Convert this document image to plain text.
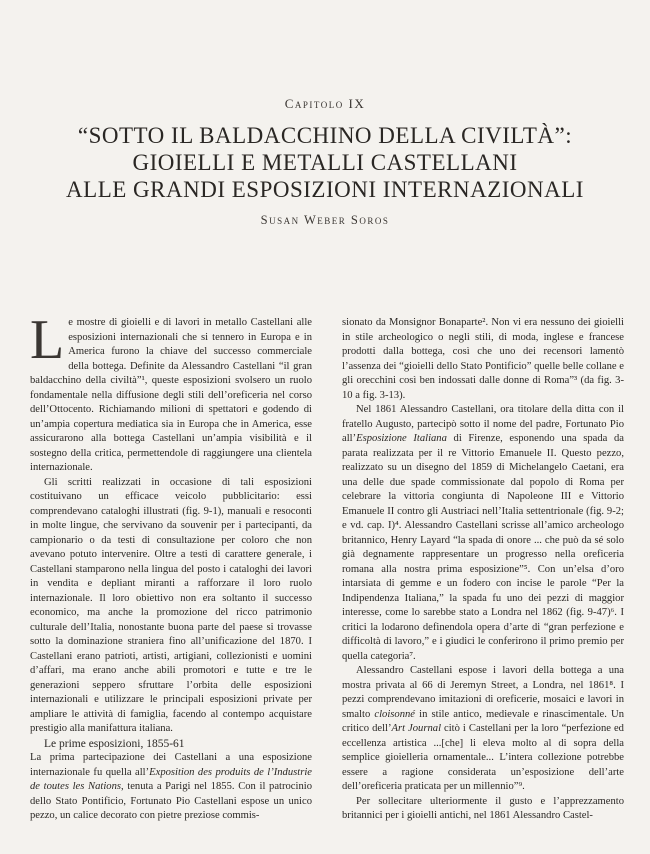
Capitolo IX
“SOTTO IL BALDACCHINO DELLA CIVILTÀ”:
GIOIELLI E METALLI CASTELLANI
ALLE GRANDI ESPOSIZIONI INTERNAZIONALI
Susan Weber Soros

Le mostre di gioielli e di lavori in metallo Castellani alle esposizioni internazionali che si tennero in Europa e in America furono la chiave del successo commerciale della bottega. Definite da Alessandro Castellani “il gran baldacchino della civiltà”¹, queste esposizioni svolsero un ruolo fondamentale nella diffusione degli stili dell’oreficeria nel corso dell’Ottocento. Richiamando milioni di spettatori e godendo di un’ampia copertura mediatica sia in Europa che in America, esse assicurarono alla bottega Castellani un’ampia visibilità e il sostegno della critica, permettendole di raggiungere una clientela internazionale.

Gli scritti realizzati in occasione di tali esposizioni costituivano un efficace veicolo pubblicitario: essi comprendevano cataloghi illustrati (fig. 9-1), manuali e resoconti in molte lingue, che servivano da souvenir per i partecipanti, da campionario o da testi di consultazione per coloro che non avevano potuto intervenire. Oltre a testi di carattere generale, i Castellani stamparono nella lingua del posto i cataloghi dei lavori in vendita e depliant miranti a rafforzare il loro ruolo internazionale. Il loro obiettivo non era soltanto il successo economico, ma anche la promozione del ricco patrimonio culturale dell’Italia, nonostante buona parte del paese si trovasse sotto la dominazione straniera fino all’unificazione del 1870. I Castellani erano patrioti, artisti, artigiani, collezionisti e uomini d’affari, ma erano anche abili promotori e tutte e tre le generazioni seppero sfruttare l’orbita delle esposizioni internazionali e utilizzare le principali esposizioni private per ampliare le attività di famiglia, facendo al contempo acquistare prestigio alla manifattura italiana.

Le prime esposizioni, 1855-61

La prima partecipazione dei Castellani a una esposizione internazionale fu quella all’Exposition des produits de l’Industrie de toutes les Nations, tenuta a Parigi nel 1855. Con il patrocinio dello Stato Pontificio, Fortunato Pio Castellani espose un unico pezzo, un calice decorato con pietre preziose commis-

sionato da Monsignor Bonaparte². Non vi era nessuno dei gioielli in stile archeologico o negli stili, di moda, inglese e francese prodotti dalla bottega, così che uno dei recensori lamentò l’assenza dei “gioielli dello Stato Pontificio” quelle belle collane e gli orecchini così ben indossati dalle donne di Roma”³ (da fig. 3-10 a fig. 3-13).

Nel 1861 Alessandro Castellani, ora titolare della ditta con il fratello Augusto, partecipò sotto il nome del padre, Fortunato Pio all’Esposizione Italiana di Firenze, esponendo una spada da parata realizzata per il re Vittorio Emanuele II. Questo pezzo, realizzato su un disegno del 1859 di Michelangelo Caetani, era una delle due spade commissionate dal popolo di Roma per celebrare la vittoria congiunta di Napoleone III e Vittorio Emanuele II contro gli Austriaci nell’Italia settentrionale (fig. 9-2; e vd. cap. I)⁴. Alessandro Castellani scrisse all’amico archeologo britannico, Henry Layard “la spada di onore ... che può da sé solo già degnamente rappresentare un progresso nella oreficeria romana alla nostra prima esposizione”⁵. Con un’elsa d’oro intarsiata di gemme e un fodero con incise le parole “Per la Indipendenza Italiana,” la spada fu uno dei pezzi di maggior interesse, come lo sarebbe stato a Londra nel 1862 (fig. 9-47)⁶. I critici la lodarono definendola opera d’arte di “gran perfezione e difficoltà di lavoro,” e i giudici le conferirono il primo premio per quella categoria⁷.

Alessandro Castellani espose i lavori della bottega a una mostra privata al 66 di Jeremyn Street, a Londra, nel 1861⁸. I pezzi comprendevano imitazioni di oreficerie, mosaici e lavori in smalto cloisonné in stile antico, medievale e rinascimentale. Un critico dell’Art Journal citò i Castellani per la loro “perfezione ed eccellenza artistica ...[che] li eleva molto al di sopra della semplice gioielleria ornamentale... L’intera collezione potrebbe essere a ragione considerata un’esposizione dell’arte dell’oreficeria praticata per un millennio”⁹.

Per sollecitare ulteriormente il gusto e l’apprezzamento britannici per i gioielli antichi, nel 1861 Alessandro Castel-
